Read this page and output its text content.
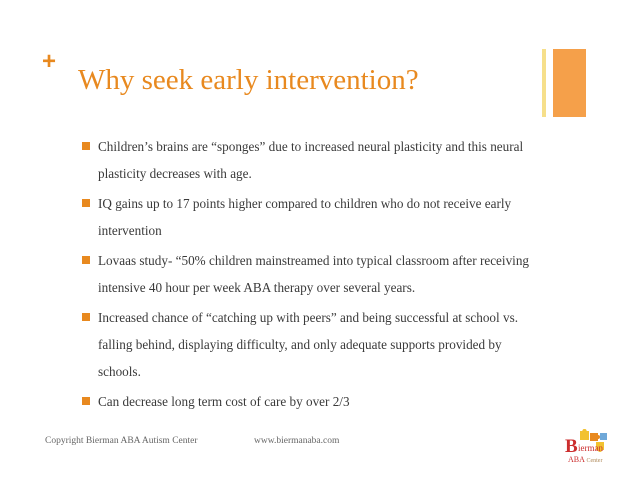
+
Why seek early intervention?
Children’s brains are “sponges” due to increased neural plasticity and this neural plasticity decreases with age.
IQ gains up to 17 points higher compared to children who do not receive early intervention
Lovaas study- “50% children mainstreamed into typical classroom after receiving intensive 40 hour per week ABA therapy over several years.
Increased chance of “catching up with peers” and being successful at school vs. falling behind, displaying difficulty, and only adequate supports provided by schools.
Can decrease long term cost of care by over 2/3
Copyright Bierman ABA Autism Center	www.biermanaba.com	B ierman
ABA Center
